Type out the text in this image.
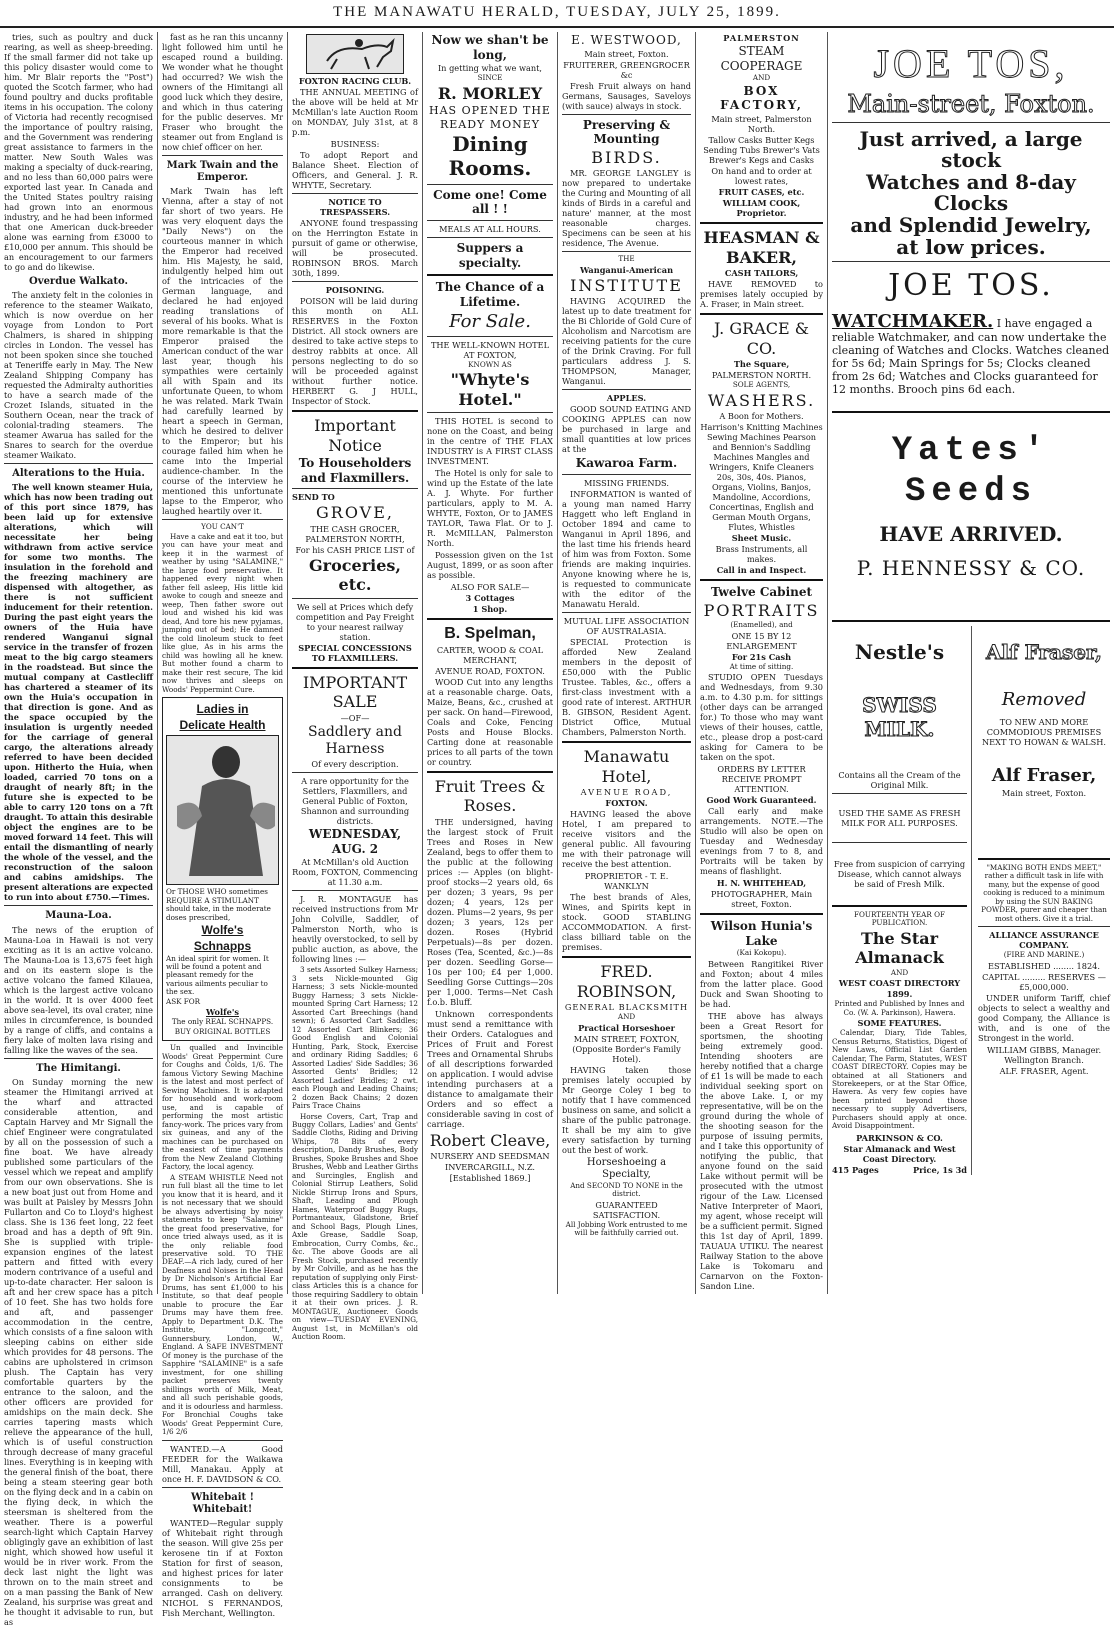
THE MANAWATU HERALD, TUESDAY, JULY 25, 1899.

tries, such as poultry and duck rearing, as well as sheep-breeding. If the small farmer did not take up this policy disaster would come to him. Mr Blair reports the "Post") quoted the Scotch farmer, who had found poultry and ducks profitable items in his occupation. The colony of Victoria had recently recognised the importance of poultry raising, and the Government was rendering great assistance to farmers in the matter. New South Wales was making a specialty of duck-rearing, and no less than 60,000 pairs were exported last year. In Canada and the United States poultry raising had grown into an enormous industry, and he had been informed that one American duck-breeder alone was earning from £3000 to £10,000 per annum. This should be an encouragement to our farmers to go and do likewise.

Overdue Walkato.

The anxiety felt in the colonies in reference to the steamer Waikato, which is now overdue on her voyage from London to Port Chalmers, is shared in shipping circles in London. The vessel has not been spoken since she touched at Teneriffe early in May. The New Zealand Shipping Company has requested the Admiralty authorities to have a search made of the Crozet Islands, situated in the Southern Ocean, near the track of colonial-trading steamers. The steamer Awarua has sailed for the Snares to search for the overdue steamer Waikato.

Alterations to the Huia.

The well known steamer Huia, which has now been trading out of this port since 1879, has been laid up for extensive alterations, which will necessitate her being withdrawn from active service for some two months. The insulation in the forehold and the freezing machinery are dispensed with altogether, as there is not sufficient inducement for their retention. During the past eight years the owners of the Huia have rendered Wanganui signal service in the transfer of frozen meat to the big cargo steamers in the roadstead. But since the mutual company at Castlecliff has chartered a steamer of its own the Huia's occupation in that direction is gone. And as the space occupied by the insulation is urgently needed for the carriage of general cargo, the alterations already referred to have been decided upon. Hitherto the Huia, when loaded, carried 70 tons on a draught of nearly 8ft; in the future she is expected to be able to carry 120 tons on a 7ft draught. To attain this desirable object the engines are to be moved forward 14 feet. This will entail the dismantling of nearly the whole of the vessel, and the reconstruction of the saloon and cabins amidships. The present alterations are expected to run into about £750.—Times.

Mauna-Loa.

The news of the eruption of Mauna-Loa in Hawaii is not very exciting as it is an active volcano. The Mauna-Loa is 13,675 feet high and on its eastern slope is the active volcano the famed Kilauea, which is the largest active volcano in the world. It is over 4000 feet above sea-level, its oval crater, nine miles in circumference, is bounded by a range of cliffs, and contains a fiery lake of molten lava rising and falling like the waves of the sea.

The Himitangi.

On Sunday morning the new steamer the Himitangi arrived at the wharf and attracted considerable attention, and Captain Harvey and Mr Signall the chief Engineer were congratulated by all on the possession of such a fine boat. We have already published some particulars of the vessel which we repeat and amplify from our own observations. She is a new boat just out from Home and was built at Paisley by Messrs John Fullarton and Co to Lloyd's highest class. She is 136 feet long, 22 feet broad and has a depth of 9ft 9in. She is supplied with triple-expansion engines of the latest pattern and fitted with every modern contrivance of a useful and up-to-date character. Her saloon is aft and her crew space has a pitch of 10 feet. She has two holds fore and aft, and passenger accommodation in the centre, which consists of a fine saloon with sleeping cabins on either side which provides for 48 persons. The cabins are upholstered in crimson plush. The Captain has very comfortable quarters by the entrance to the saloon, and the other officers are provided for amidships on the main deck. She carries tapering masts which relieve the appearance of the hull, which is of useful construction through decrease of many graceful lines. Everything is in keeping with the general finish of the boat, there being a steam steering gear both on the flying deck and in a cabin on the flying deck, in which the steersman is sheltered from the weather. There is a powerful search-light which Captain Harvey obligingly gave an exhibition of last night, which showed how useful it would be in river work. From the deck last night the light was thrown on to the main street and on a man passing the Bank of New Zealand, his surprise was great and he thought it advisable to run, but as

fast as he ran this uncanny light followed him until he escaped round a building. We wonder what he thought had occurred? We wish the owners of the Himitangi all good luck which they desire, and which in thus catering for the public deserves. Mr Fraser who brought the steamer out from England is now chief officer on her.

Mark Twain and the Emperor.

Mark Twain has left Vienna, after a stay of not far short of two years. He was very eloquent days the "Daily News") on the courteous manner in which the Emperor had received him. His Majesty, he said, indulgently helped him out of the intricacies of the German language, and declared he had enjoyed reading translations of several of his books. What is more remarkable is that the Emperor praised the American conduct of the war last year, though his sympathies were certainly all with Spain and its unfortunate Queen, to whom he was related. Mark Twain had carefully learned by heart a speech in German, which he desired to deliver to the Emperor; but his courage failed him when he came into the Imperial audience-chamber. In the course of the interview he mentioned this unfortunate lapse to the Emperor, who laughed heartily over it.

YOU CAN'T

Have a cake and eat it too, but you can have your meat and keep it in the warmest of weather by using "SALAMINE," the large food preservative. It happened every night when father fell asleep, His little kid awoke to cough and sneeze and weep, Then father swore out loud and wished his kid was dead, And tore his new pyjamas, jumping out of bed; He damned the cold linoleum stuck to feet like glue, As in his arms the child was howling all he knew. But mother found a charm to make their rest secure, The kid now thrives and sleeps on Woods' Peppermint Cure.

Ladies in
Delicate Health

Or THOSE WHO sometimes REQUIRE A STIMULANT should take, in the moderate doses prescribed,

Wolfe's
Schnapps

An ideal spirit for women. It will be found a potent and pleasant remedy for the various ailments peculiar to the sex.

ASK FOR
Wolfe's
The only REAL SCHNAPPS.
BUY ORIGINAL BOTTLES

Un qualled and Invincible Woods' Great Peppermint Cure for Coughs and Colds, 1/6. The famous Victory Sewing Machine is the latest and most perfect of Sewing Machines. It is adapted for household and work-room use, and is capable of performing the most artistic fancy-work. The prices vary from six guineas, and any of the machines can be purchased on the easiest of time payments from the New Zealand Clothing Factory, the local agency.

A STEAM WHISTLE Need not run full blast all the time to let you know that it is heard, and it is not necessary that we should be always advertising by noisy statements to keep "Salamine" the great food preservative, for once tried always used, as it is the only reliable food preservative sold. TO THE DEAF.—A rich lady, cured of her Deafness and Noises in the Head by Dr Nicholson's Artificial Ear Drums, has sent £1,000 to his Institute, so that deaf people unable to procure the Ear Drums may have them free. Apply to Department D.K. The Institute, "Longcott," Gunnersbury, London, W., England. A SAFE INVESTMENT Of money is the purchase of the Sapphire "SALAMINE" is a safe investment, for one shilling packet preserves twenty shillings worth of Milk, Meat, and all such perishable goods, and it is odourless and harmless. For Bronchial Coughs take Woods' Great Peppermint Cure, 1/6 2/6

WANTED.—A Good FEEDER for the Waikawa Mill, Manakau. Apply at once H. F. DAVIDSON & CO.

Whitebait ! Whitebait!

WANTED—Regular supply of Whitebait right through the season. Will give 25s per kerosene tin if at Foxton Station for first of season, and highest prices for later consignments to be arranged. Cash on delivery. NICHOL S FERNANDOS, Fish Merchant, Wellington.

FOXTON RACING CLUB.

THE ANNUAL MEETING of the above will be held at Mr McMillan's late Auction Room on MONDAY, July 31st, at 8 p.m.

BUSINESS:

To adopt Report and Balance Sheet. Election of Officers, and General. J. R. WHYTE, Secretary.

NOTICE TO TRESPASSERS.

ANYONE found trespassing on the Herrington Estate in pursuit of game or otherwise, will be prosecuted. ROBINSON BROS. March 30th, 1899.

POISONING.

POISON will be laid during this month on ALL RESERVES in the Foxton District. All stock owners are desired to take active steps to destroy rabbits at once. All persons neglecting to do so will be proceeded against without further notice. HERBERT G. J HULL, Inspector of Stock.

Important Notice
To Householders and Flaxmillers.
SEND TO
GROVE,
THE CASH GROCER, PALMERSTON NORTH,
For his CASH PRICE LIST of
Groceries, etc.

We sell at Prices which defy competition and Pay Freight to your nearest railway station.

SPECIAL CONCESSIONS TO FLAXMILLERS.
IMPORTANT SALE
—OF—
Saddlery and Harness
Of every description.

A rare opportunity for the Settlers, Flaxmillers, and General Public of Foxton, Shannon and surrounding districts.

WEDNESDAY, AUG. 2
At McMillan's old Auction Room, FOXTON, Commencing at 11.30 a.m.

J. R. MONTAGUE has received instructions from Mr John Colville, Saddler, of Palmerston North, who is heavily overstocked, to sell by public auction, as above, the following lines :—

3 sets Assorted Sulkey Harness; 3 sets Nickle-mounted Gig Harness; 3 sets Nickle-mounted Buggy Harness; 3 sets Nickle-mounted Spring Cart Harness; 12 Assorted Cart Breechings (hand sewn); 6 Assorted Cart Saddles; 12 Assorted Cart Blinkers; 36 Good English and Colonial Hunting, Park, Stock, Exercise and ordinary Riding Saddles; 6 Assorted Ladies' Side Saddles; 36 Assorted Gents' Bridles; 12 Assorted Ladies' Bridles; 2 cwt. each Plough and Leading Chains; 2 dozen Back Chains; 2 dozen Pairs Trace Chains

Horse Covers, Cart, Trap and Buggy Collars, Ladies' and Gents' Saddle Cloths, Riding and Driving Whips, 78 Bits of every description, Dandy Brushes, Body Brushes, Spoke Brushes and Shoe Brushes, Webb and Leather Girths and Surcingles, English and Colonial Stirrup Leathers, Solid Nickle Stirrup Irons and Spurs, Shaft, Leading and Plough Hames, Waterproof Buggy Rugs, Portmanteaux, Gladstone, Brief and School Bags, Plough Lines, Axle Grease, Saddle Soap, Embrocation, Curry Combs, &c., &c. The above Goods are all Fresh Stock, purchased recently by Mr Colville, and as he has the reputation of supplying only First-class Articles this is a chance for those requiring Saddlery to obtain it at their own prices. J. R. MONTAGUE, Auctioneer. Goods on view—TUESDAY EVENING, August 1st, in McMillan's old Auction Room.

Now we shan't be long,
In getting what we want,
SINCE
R. MORLEY
HAS OPENED THE READY MONEY
Dining Rooms.
Come one! Come all ! !
MEALS AT ALL HOURS.
Suppers a specialty.
The Chance of a Lifetime.
For Sale.
THE WELL-KNOWN HOTEL AT FOXTON,
KNOWN AS
"Whyte's Hotel."

THIS HOTEL is second to none on the Coast, and being in the centre of THE FLAX INDUSTRY is A FIRST CLASS INVESTMENT.

The Hotel is only for sale to wind up the Estate of the late A. J. Whyte. For further particulars, apply to M. A. WHYTE, Foxton, Or to JAMES TAYLOR, Tawa Flat. Or to J. R. McMILLAN, Palmerston North.

Possession given on the 1st August, 1899, or as soon after as possible.

ALSO FOR SALE—
3 Cottages
1 Shop.
B. Spelman,
CARTER, WOOD & COAL MERCHANT,
AVENUE ROAD, FOXTON.

WOOD Cut into any lengths at a reasonable charge. Oats, Maize, Beans, &c., crushed at per sack. On hand—Firewood, Coals and Coke, Fencing Posts and House Blocks. Carting done at reasonable prices to all parts of the town or country.

Fruit Trees & Roses.

THE undersigned, having the largest stock of Fruit Trees and Roses in New Zealand, begs to offer them to the public at the following prices :— Apples (on blight-proof stocks—2 years old, 6s per dozen; 3 years, 9s per dozen; 4 years, 12s per dozen. Plums—2 years, 9s per dozen; 3 years, 12s per dozen. Roses (Hybrid Perpetuals)—8s per dozen. Roses (Tea, Scented, &c.)—8s per dozen. Seedling Gorse—10s per 100; £4 per 1,000. Seedling Gorse Cuttings—20s per 1,000. Terms—Net Cash f.o.b. Bluff.

Unknown correspondents must send a remittance with their Orders. Catalogues and Prices of Fruit and Forest Trees and Ornamental Shrubs of all descriptions forwarded on application. I would advise intending purchasers at a distance to amalgamate their Orders and so effect a considerable saving in cost of carriage.

Robert Cleave,
NURSERY AND SEEDSMAN
INVERCARGILL, N.Z.
[Established 1869.]
E. WESTWOOD,
Main street, Foxton.
FRUITERER, GREENGROCER &c

Fresh Fruit always on hand Germans, Sausages, Saveloys (with sauce) always in stock.

Preserving & Mounting
BIRDS.

MR. GEORGE LANGLEY is now prepared to undertake the Curing and Mounting of all kinds of Birds in a careful and nature' manner, at the most reasonable charges. Specimens can be seen at his residence, The Avenue.

THE
Wanganui-American
INSTITUTE

HAVING ACQUIRED the latest up to date treatment for the Bi Chloride of Gold Cure of Alcoholism and Narcotism are receiving patients for the cure of the Drink Craving. For full particulars address J. S. THOMPSON, Manager, Wanganui.

APPLES.

GOOD SOUND EATING AND COOKING APPLES can now be purchased in large and small quantities at low prices at the

Kawaroa Farm.
MISSING FRIENDS.

INFORMATION is wanted of a young man named Harry Haggett who left England in October 1894 and came to Wanganui in April 1896, and the last time his friends heard of him was from Foxton. Some friends are making inquiries. Anyone knowing where he is, is requested to communicate with the editor of the Manawatu Herald.

MUTUAL LIFE ASSOCIATION OF AUSTRALASIA.

SPECIAL Protection is afforded New Zealand members in the deposit of £50,000 with the Public Trustee. Tables, &c., offers a first-class investment with a good rate of interest. ARTHUR B. GIBSON, Resident Agent. District Office, Mutual Chambers, Palmerston North.

Manawatu Hotel,
AVENUE ROAD,
FOXTON.

HAVING leased the above Hotel, I am prepared to receive visitors and the general public. All favouring me with their patronage will receive the best attention.

PROPRIETOR - T. E. WANKLYN

The best brands of Ales, Wines, and Spirits kept in stock. GOOD STABLING ACCOMMODATION. A first-class billiard table on the premises.

FRED. ROBINSON,
GENERAL BLACKSMITH
AND
Practical Horseshoer
MAIN STREET, FOXTON, (Opposite Border's Family Hotel).

HAVING taken those premises lately occupied by Mr George Coley I beg to notify that I have commenced business on same, and solicit a share of the public patronage. It shall be my aim to give every satisfaction by turning out the best of work.

Horseshoeing a Specialty,
And SECOND TO NONE in the district.
GUARANTEED SATISFACTION.
All Jobbing Work entrusted to me will be faithfully carried out.
PALMERSTON
STEAM COOPERAGE
AND
BOX FACTORY,
Main street, Palmerston North.

Tallow Casks Butter Kegs Sending Tubs Brewer's Vats Brewer's Kegs and Casks

On hand and to order at lowest rates,
FRUIT CASES, etc.
WILLIAM COOK, Proprietor.
HEASMAN & BAKER,
CASH TAILORS,

HAVE REMOVED to premises lately occupied by A. Fraser, in Main street.

J. GRACE & CO.
The Square,
PALMERSTON NORTH.
SOLE AGENTS,
WASHERS.
A Boon for Mothers.

Harrison's Knitting Machines Sewing Machines Pearson and Bennion's Saddling Machines Mangles and Wringers, Knife Cleaners 20s, 30s, 40s. Pianos, Organs, Violins, Banjos, Mandoline, Accordions, Concertinas, English and German Mouth Organs, Flutes, Whistles

Sheet Music.
Brass Instruments, all makes.
Call in and Inspect.
Twelve Cabinet
PORTRAITS
(Enamelled), and
ONE 15 BY 12 ENLARGEMENT
For 21s Cash
At time of sitting.

STUDIO OPEN Tuesdays and Wednesdays, from 9.30 a.m. to 4.30 p.m. for sittings (other days can be arranged for.) To those who may want views of their houses, cattle, etc., please drop a post-card asking for Camera to be taken on the spot.

ORDERS BY LETTER RECEIVE PROMPT ATTENTION.
Good Work Guaranteed.

Call early and make arrangements. NOTE.—The Studio will also be open on Tuesday and Wednesday evenings from 7 to 8, and Portraits will be taken by means of flashlight.

H. N. WHITEHEAD,
PHOTOGRAPHER, Main street, Foxton.
Wilson Hunia's Lake
(Kai Kokopu).

Between Rangitikei River and Foxton; about 4 miles from the latter place. Good Duck and Swan Shooting to be had.

THE above has always been a Great Resort for sportsmen, the shooting being extremely good. Intending shooters are hereby notified that a charge of £1 1s will be made to each individual seeking sport on the above Lake. I, or my representative, will be on the ground during the whole of the shooting season for the purpose of issuing permits, and I take this opportunity of notifying the public, that anyone found on the said Lake without permit will be prosecuted with the utmost rigour of the Law. Licensed Native Interpreter of Maori, my agent, whose receipt will be a sufficient permit. Signed this 1st day of April, 1899. TAUAUA UTIKU. The nearest Railway Station to the above Lake is Tokomaru and Carnarvon on the Foxton-Sandon Line.

JOE TOS,
Main-street, Foxton.
Just arrived, a large stock
Watches and 8-day Clocks
and Splendid Jewelry,
at low prices.
JOE TOS.
WATCHMAKER. I have engaged a reliable Watchmaker, and can now undertake the cleaning of Watches and Clocks. Watches cleaned for 5s 6d; Main Springs for 5s; Clocks cleaned from 2s 6d; Watches and Clocks guaranteed for 12 months. Brooch pins 6d each.
Yates' Seeds
HAVE ARRIVED.
P. HENNESSY & CO.
Nestle's
SWISS MILK.

Contains all the Cream of the Original Milk.

USED THE SAME AS FRESH MILK FOR ALL PURPOSES.

Free from suspicion of carrying Disease, which cannot always be said of Fresh Milk.

FOURTEENTH YEAR OF PUBLICATION.
The Star Almanack
AND
WEST COAST DIRECTORY
1899.

Printed and Published by Innes and Co. (W. A. Parkinson), Hawera.

SOME FEATURES.

Calendar, Diary, Tide Tables, Census Returns, Statistics, Digest of New Laws, Official List Garden Calendar, The Farm, Statutes, WEST COAST DIRECTORY. Copies may be obtained at all Stationers and Storekeepers, or at the Star Office, Hawera. As very few copies have been printed beyond those necessary to supply Advertisers, Purchasers should apply at once. Avoid Disappointment.

PARKINSON & CO.
Star Almanack and West Coast Directory.
415 Pages	Price, 1s 3d
Alf Fraser,
Removed

TO NEW AND MORE COMMODIOUS PREMISES NEXT TO HOWAN & WALSH.

Alf Fraser,
Main street, Foxton.

"MAKING BOTH ENDS MEET," rather a difficult task in life with many, but the expense of good cooking is reduced to a minimum by using the SUN BAKING POWDER, purer and cheaper than most others. Give it a trial.

ALLIANCE ASSURANCE COMPANY.
(FIRE AND MARINE.)
ESTABLISHED ........ 1824.
CAPITAL ......... RESERVES — £5,000,000.

UNDER uniform Tariff, chief objects to select a wealthy and good Company, the Alliance is with, and is one of the Strongest in the world.

WILLIAM GIBBS, Manager. Wellington Branch.
ALF. FRASER, Agent.
